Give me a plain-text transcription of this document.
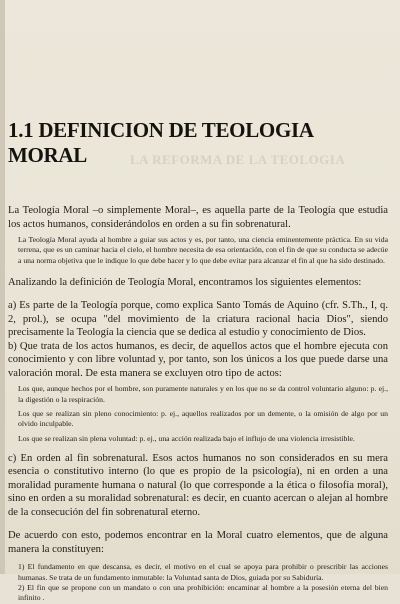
LA REFORMA DE LA TEOLOGIA
1.1 DEFINICION DE TEOLOGIA MORAL

La Teología Moral –o simplemente Moral–, es aquella parte de la Teología que estudia los actos humanos, considerándolos en orden a su fin sobrenatural.

La Teología Moral ayuda al hombre a guiar sus actos y es, por tanto, una ciencia eminentemente práctica. En su vida terrena, que es un caminar hacia el cielo, el hombre necesita de esa orientación, con el fin de que su conducta se adecúe a una norma objetiva que le indique lo que debe hacer y lo que debe evitar para alcanzar el fin al que ha sido destinado.

Analizando la definición de Teología Moral, encontramos los siguientes elementos:

a) Es parte de la Teología porque, como explica Santo Tomás de Aquino (cfr. S.Th., I, q. 2, prol.), se ocupa "del movimiento de la criatura racional hacia Dios", siendo precisamente la Teología la ciencia que se dedica al estudio y conocimiento de Dios.

b) Que trata de los actos humanos, es decir, de aquellos actos que el hombre ejecuta con conocimiento y con libre voluntad y, por tanto, son los únicos a los que puede darse una valoración moral. De esta manera se excluyen otro tipo de actos:

Los que, aunque hechos por el hombre, son puramente naturales y en los que no se da control voluntario alguno: p. ej., la digestión o la respiración.

Los que se realizan sin pleno conocimiento: p. ej., aquellos realizados por un demente, o la omisión de algo por un olvido inculpable.

Los que se realizan sin plena voluntad: p. ej., una acción realizada bajo el influjo de una violencia irresistible.

c) En orden al fin sobrenatural. Esos actos humanos no son considerados en su mera esencia o constitutivo interno (lo que es propio de la psicología), ni en orden a una moralidad puramente humana o natural (lo que corresponde a la ética o filosofía moral), sino en orden a su moralidad sobrenatural: es decir, en cuanto acercan o alejan al hombre de la consecución del fin sobrenatural eterno.

De acuerdo con esto, podemos encontrar en la Moral cuatro elementos, que de alguna manera la constituyen:

1) El fundamento en que descansa, es decir, el motivo en el cual se apoya para prohibir o prescribir las acciones humanas. Se trata de un fundamento inmutable: la Voluntad santa de Dios, guiada por su Sabiduría.

2) El fin que se propone con un mandato o con una prohibición: encaminar al hombre a la posesión eterna del bien infinito .
